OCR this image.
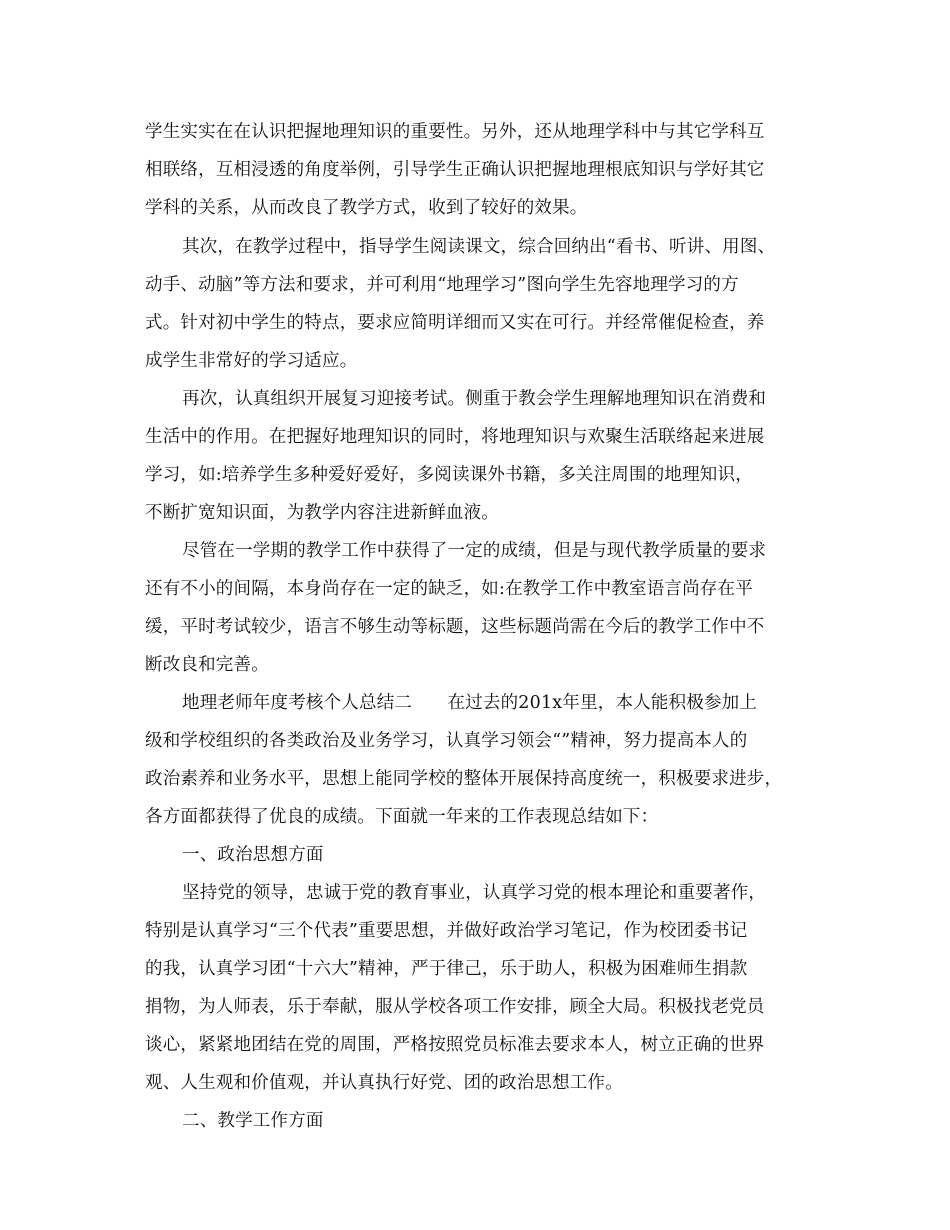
学生实实在在认识把握地理知识的重要性。另外，还从地理学科中与其它学科互
相联络，互相浸透的角度举例，引导学生正确认识把握地理根底知识与学好其它
学科的关系，从而改良了教学方式，收到了较好的效果。
其次，在教学过程中，指导学生阅读课文，综合回纳出“看书、听讲、用图、
动手、动脑”等方法和要求，并可利用“地理学习”图向学生先容地理学习的方
式。针对初中学生的特点，要求应简明详细而又实在可行。并经常催促检查，养
成学生非常好的学习适应。
再次，认真组织开展复习迎接考试。侧重于教会学生理解地理知识在消费和
生活中的作用。在把握好地理知识的同时，将地理知识与欢聚生活联络起来进展
学习，如:培养学生多种爱好爱好，多阅读课外书籍，多关注周围的地理知识，
不断扩宽知识面，为教学内容注进新鲜血液。
尽管在一学期的教学工作中获得了一定的成绩，但是与现代教学质量的要求
还有不小的间隔，本身尚存在一定的缺乏，如:在教学工作中教室语言尚存在平
缓，平时考试较少，语言不够生动等标题，这些标题尚需在今后的教学工作中不
断改良和完善。
地理老师年度考核个人总结二　　在过去的201x年里，本人能积极参加上
级和学校组织的各类政治及业务学习，认真学习领会“”精神，努力提高本人的
政治素养和业务水平，思想上能同学校的整体开展保持高度统一，积极要求进步，
各方面都获得了优良的成绩。下面就一年来的工作表现总结如下：
一、政治思想方面
坚持党的领导，忠诚于党的教育事业，认真学习党的根本理论和重要著作，
特别是认真学习“三个代表”重要思想，并做好政治学习笔记，作为校团委书记
的我，认真学习团“十六大”精神，严于律己，乐于助人，积极为困难师生捐款
捐物，为人师表，乐于奉献，服从学校各项工作安排，顾全大局。积极找老党员
谈心，紧紧地团结在党的周围，严格按照党员标准去要求本人，树立正确的世界
观、人生观和价值观，并认真执行好党、团的政治思想工作。
二、教学工作方面
